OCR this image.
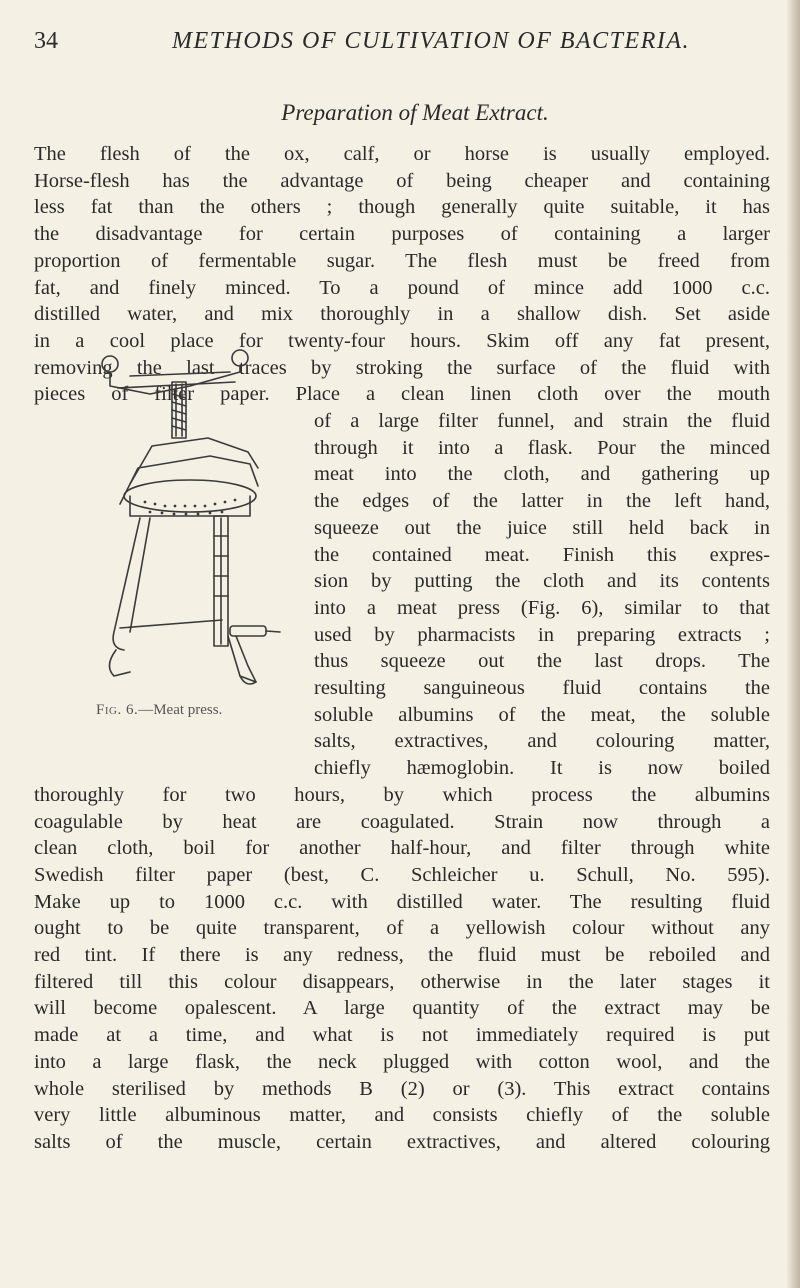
34	METHODS OF CULTIVATION OF BACTERIA.
Preparation of Meat Extract.
The flesh of the ox, calf, or horse is usually employed.
Horse-flesh has the advantage of being cheaper and containing
less fat than the others ; though generally quite suitable, it has
the disadvantage for certain purposes of containing a larger
proportion of fermentable sugar. The flesh must be freed from
fat, and finely minced. To a pound of mince add 1000 c.c.
distilled water, and mix thoroughly in a shallow dish. Set aside
in a cool place for twenty-four hours. Skim off any fat present,
removing the last traces by stroking the surface of the fluid with
pieces of filter paper. Place a clean linen cloth over the mouth
of a large filter funnel, and strain the fluid
through it into a flask. Pour the minced
meat into the cloth, and gathering up
the edges of the latter in the left hand,
squeeze out the juice still held back in
the contained meat. Finish this expres-
sion by putting the cloth and its contents
into a meat press (Fig. 6), similar to that
used by pharmacists in preparing extracts ;
thus squeeze out the last drops. The
resulting sanguineous fluid contains the
soluble albumins of the meat, the soluble
salts, extractives, and colouring matter,
chiefly hæmoglobin. It is now boiled
thoroughly for two hours, by which process the albumins
coagulable by heat are coagulated. Strain now through a
clean cloth, boil for another half-hour, and filter through white
Swedish filter paper (best, C. Schleicher u. Schull, No. 595).
Make up to 1000 c.c. with distilled water. The resulting fluid
ought to be quite transparent, of a yellowish colour without any
red tint. If there is any redness, the fluid must be reboiled and
filtered till this colour disappears, otherwise in the later stages it
will become opalescent. A large quantity of the extract may be
made at a time, and what is not immediately required is put
into a large flask, the neck plugged with cotton wool, and the
whole sterilised by methods B (2) or (3). This extract contains
very little albuminous matter, and consists chiefly of the soluble
salts of the muscle, certain extractives, and altered colouring
Fig. 6.—Meat press.
